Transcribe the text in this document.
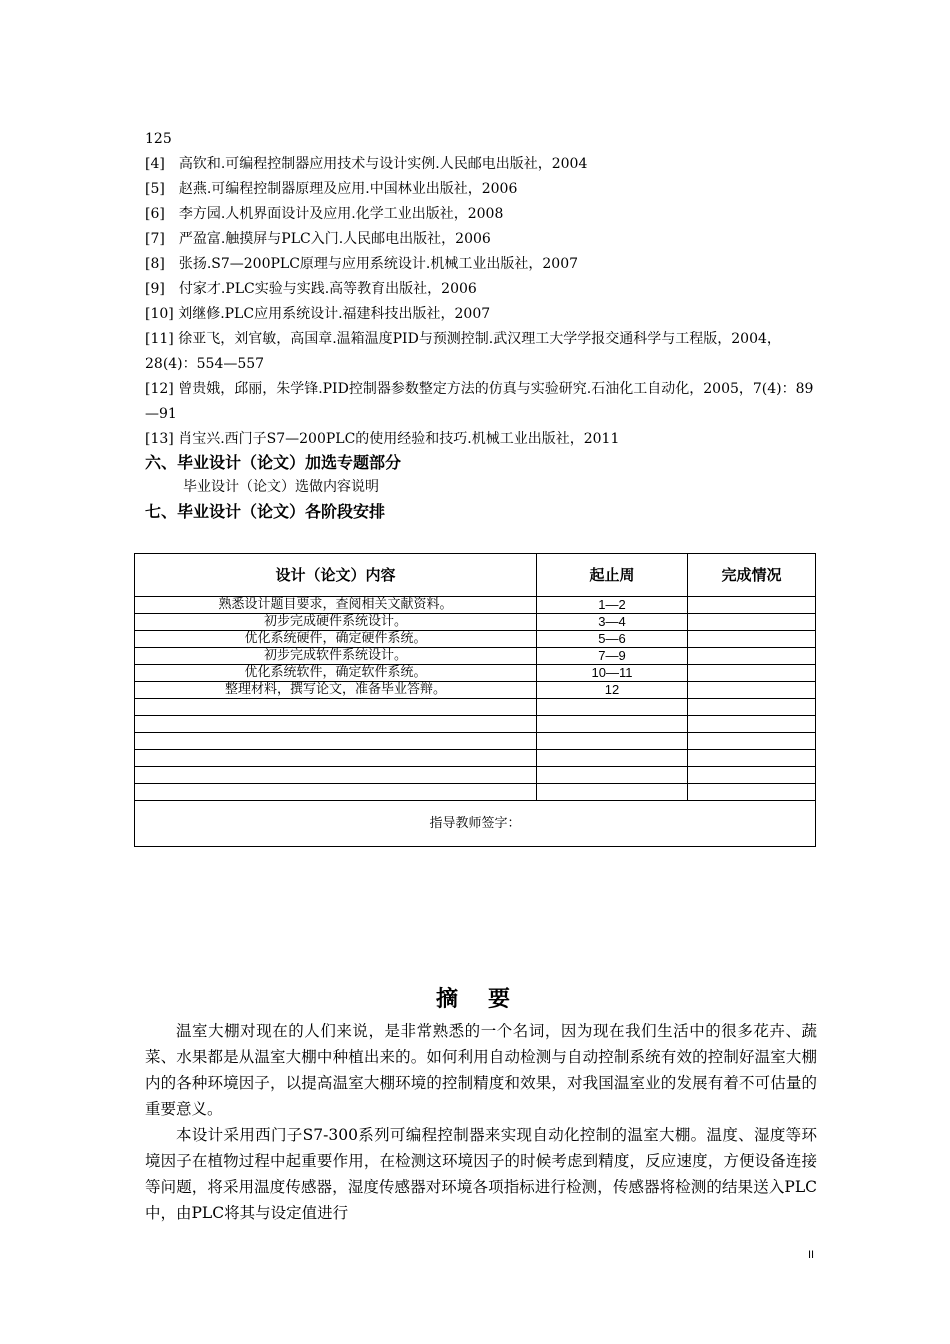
125
[4]　高钦和.可编程控制器应用技术与设计实例.人民邮电出版社，2004
[5]　赵燕.可编程控制器原理及应用.中国林业出版社，2006
[6]　李方园.人机界面设计及应用.化学工业出版社，2008
[7]　严盈富.触摸屏与PLC入门.人民邮电出版社，2006
[8]　张扬.S7—200PLC原理与应用系统设计.机械工业出版社，2007
[9]　付家才.PLC实验与实践.高等教育出版社，2006
[10] 刘继修.PLC应用系统设计.福建科技出版社，2007
[11] 徐亚飞，刘官敏，高国章.温箱温度PID与预测控制.武汉理工大学学报交通科学与工程版，2004，28(4)：554—557
[12] 曾贵娥，邱丽，朱学锋.PID控制器参数整定方法的仿真与实验研究.石油化工自动化，2005，7(4)：89—91
[13] 肖宝兴.西门子S7—200PLC的使用经验和技巧.机械工业出版社，2011
六、毕业设计（论文）加选专题部分
毕业设计（论文）选做内容说明
七、毕业设计（论文）各阶段安排
设计（论文）内容	起止周	完成情况
熟悉设计题目要求，查阅相关文献资料。	1—2	
初步完成硬件系统设计。	3—4	
优化系统硬件，确定硬件系统。	5—6	
初步完成软件系统设计。	7—9	
优化系统软件，确定软件系统。	10—11	
整理材料，撰写论文，准备毕业答辩。	12	

指导教师签字：		
摘　要

温室大棚对现在的人们来说，是非常熟悉的一个名词，因为现在我们生活中的很多花卉、蔬菜、水果都是从温室大棚中种植出来的。如何利用自动检测与自动控制系统有效的控制好温室大棚内的各种环境因子，以提高温室大棚环境的控制精度和效果，对我国温室业的发展有着不可估量的重要意义。

本设计采用西门子S7-300系列可编程控制器来实现自动化控制的温室大棚。温度、湿度等环境因子在植物过程中起重要作用，在检测这环境因子的时候考虑到精度，反应速度，方便设备连接等问题，将采用温度传感器，湿度传感器对环境各项指标进行检测，传感器将检测的结果送入PLC中，由PLC将其与设定值进行

II
